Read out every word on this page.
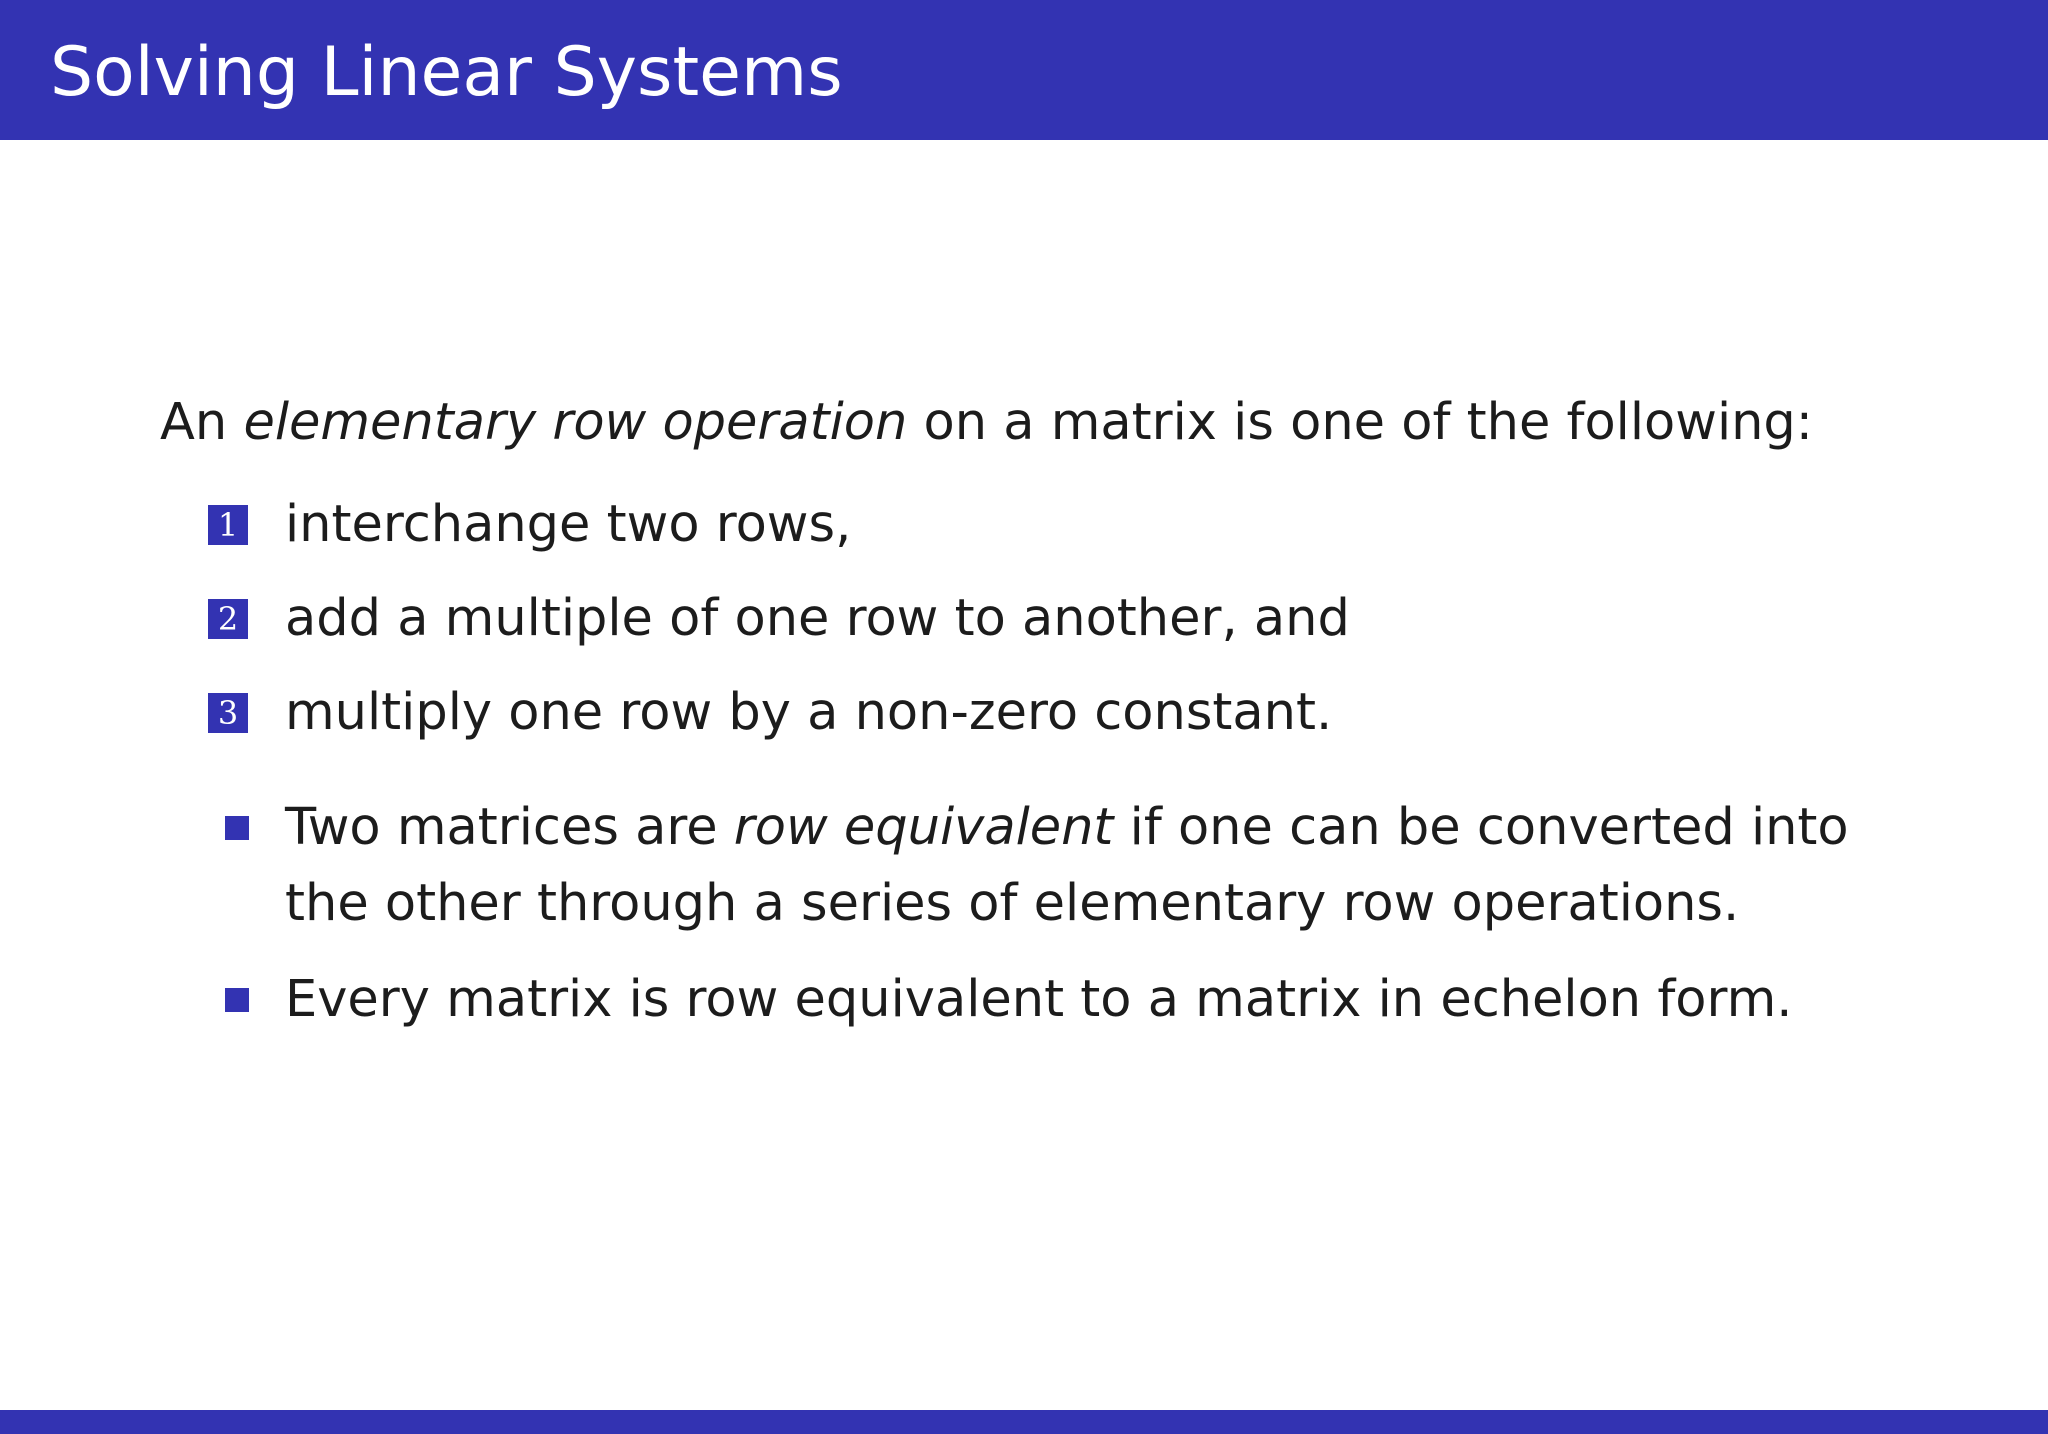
Solving Linear Systems
An elementary row operation on a matrix is one of the following:
1 interchange two rows,
2 add a multiple of one row to another, and
3 multiply one row by a non-zero constant.
Two matrices are row equivalent if one can be converted into the other through a series of elementary row operations.
Every matrix is row equivalent to a matrix in echelon form.
